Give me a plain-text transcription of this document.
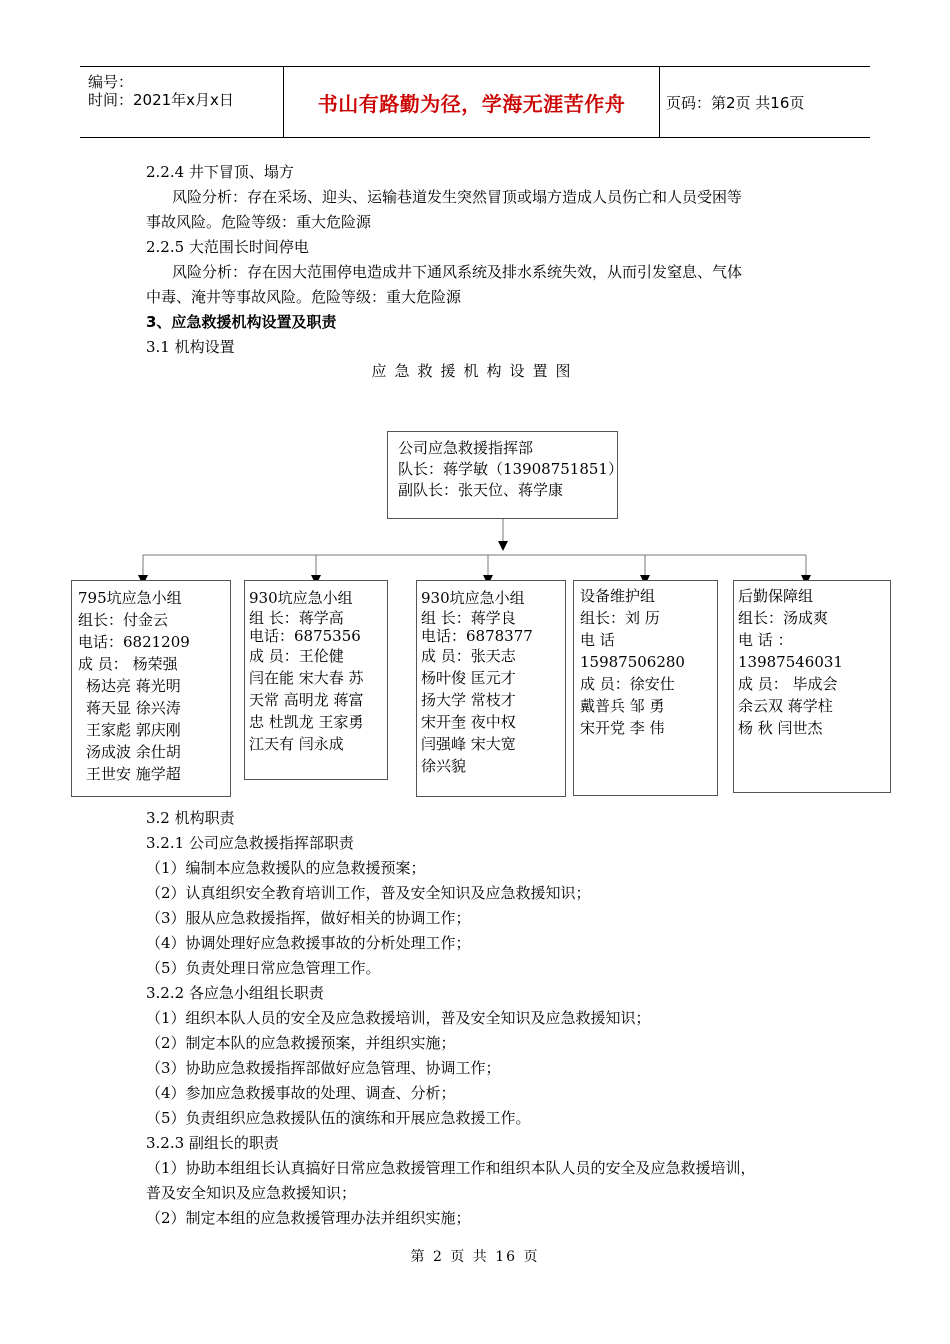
编号：
时间：2021年x月x日	书山有路勤为径，学海无涯苦作舟	页码：第2页 共16页
2.2.4 井下冒顶、塌方
风险分析：存在采场、迎头、运输巷道发生突然冒顶或塌方造成人员伤亡和人员受困等
事故风险。危险等级：重大危险源
2.2.5 大范围长时间停电
风险分析：存在因大范围停电造成井下通风系统及排水系统失效，从而引发窒息、气体
中毒、淹井等事故风险。危险等级：重大危险源
3、应急救援机构设置及职责
3.1 机构设置
应急救援机构设置图
公司应急救援指挥部
队长：蒋学敏（13908751851）
副队长：张天位、蒋学康
795坑应急小组
组长：付金云
电话：6821209
成 员： 杨荣强
杨达亮 蒋光明
蒋天显 徐兴涛
王家彪 郭庆刚
汤成波 余仕胡
王世安 施学超
930坑应急小组
组 长：蒋学高
电话：6875356
成 员：王伦健
闫在能 宋大春 苏
天常 高明龙 蒋富
忠 杜凯龙 王家勇
江天有 闫永成
930坑应急小组
组 长：蒋学良
电话：6878377
成 员：张天志
杨叶俊 匡元才
扬大学 常枝才
宋开奎 夜中权
闫强峰 宋大宽
徐兴貌
设备维护组
组长：刘 历
电 话
15987506280
成 员：徐安仕
戴普兵 邹 勇
宋开党 李 伟
后勤保障组
组长：汤成爽
电 话 ：
13987546031
成 员： 毕成会
余云双 蒋学柱
杨 秋 闫世杰
3.2 机构职责
3.2.1 公司应急救援指挥部职责
（1）编制本应急救援队的应急救援预案；
（2）认真组织安全教育培训工作，普及安全知识及应急救援知识；
（3）服从应急救援指挥，做好相关的协调工作；
（4）协调处理好应急救援事故的分析处理工作；
（5）负责处理日常应急管理工作。
3.2.2 各应急小组组长职责
（1）组织本队人员的安全及应急救援培训，普及安全知识及应急救援知识；
（2）制定本队的应急救援预案，并组织实施；
（3）协助应急救援指挥部做好应急管理、协调工作；
（4）参加应急救援事故的处理、调查、分析；
（5）负责组织应急救援队伍的演练和开展应急救援工作。
3.2.3 副组长的职责
（1）协助本组组长认真搞好日常应急救援管理工作和组织本队人员的安全及应急救援培训，
普及安全知识及应急救援知识；
（2）制定本组的应急救援管理办法并组织实施；
第 2 页 共 16 页
